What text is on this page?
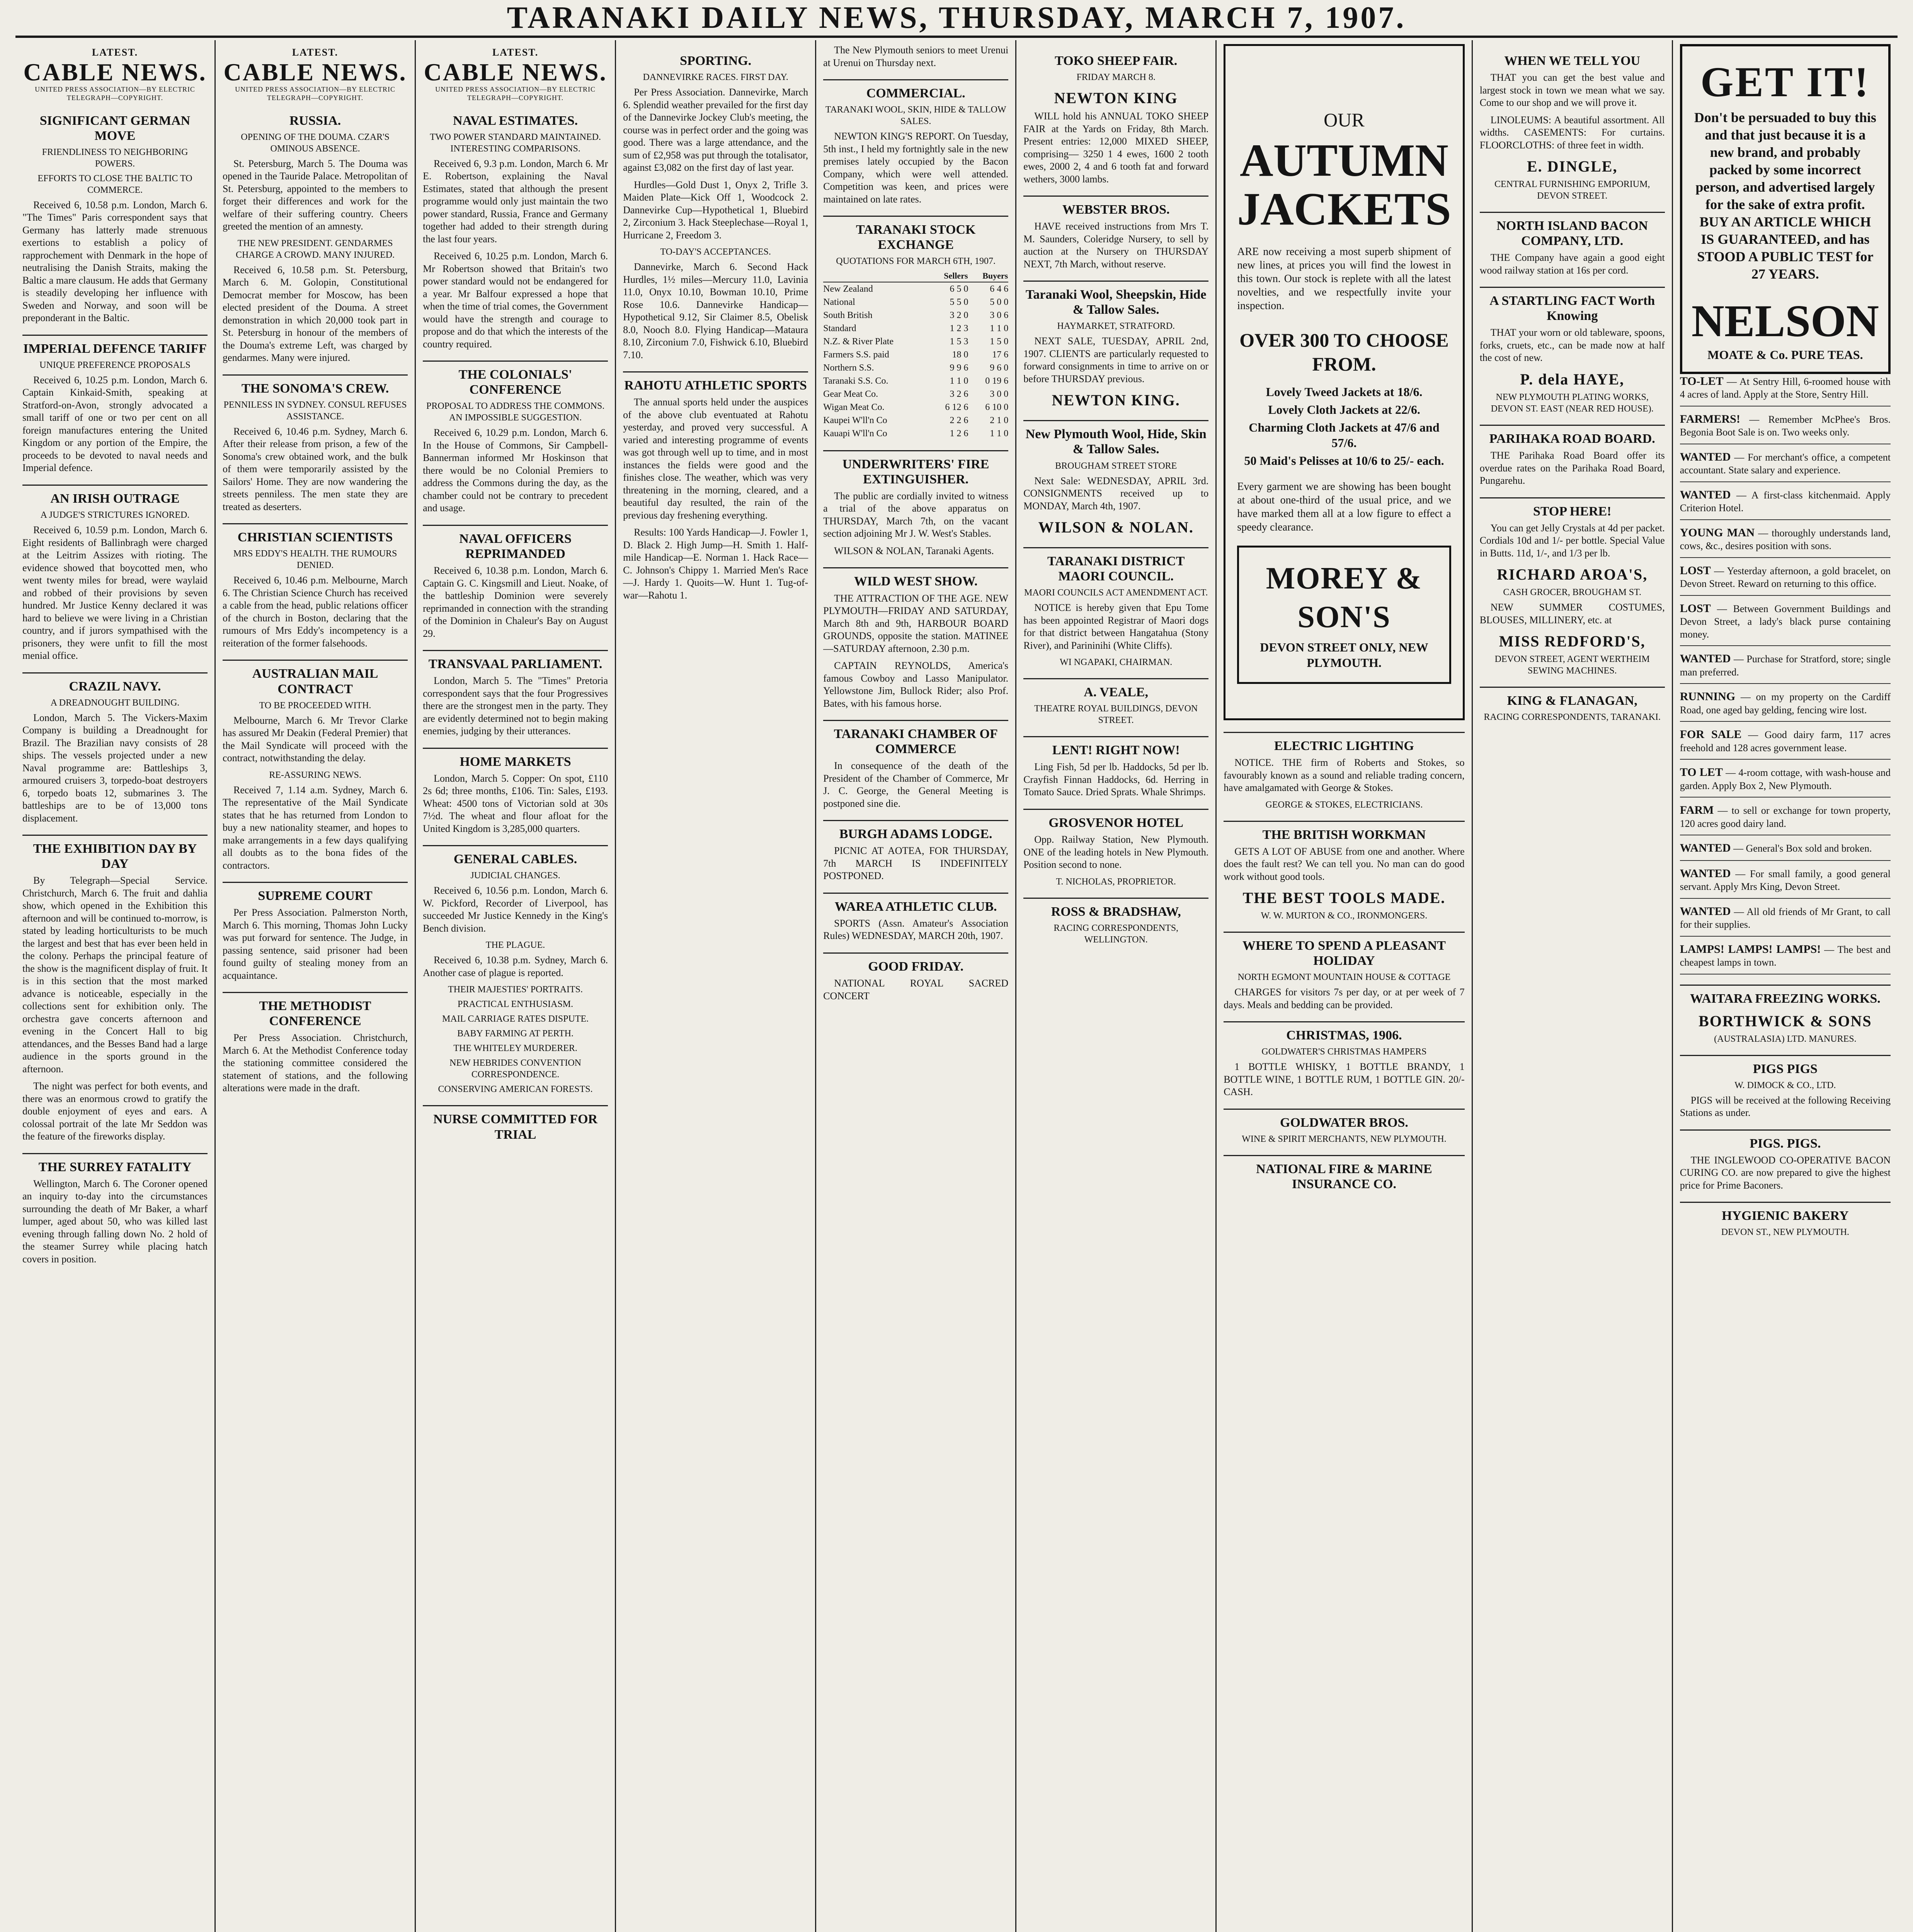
TARANAKI DAILY NEWS, THURSDAY, MARCH 7, 1907.
LATEST.
CABLE NEWS.
UNITED PRESS ASSOCIATION—BY ELECTRIC TELEGRAPH—COPYRIGHT.
SIGNIFICANT GERMAN MOVE
FRIENDLINESS TO NEIGHBORING POWERS.
EFFORTS TO CLOSE THE BALTIC TO COMMERCE.

Received 6, 10.58 p.m. London, March 6. "The Times" Paris correspondent says that Germany has latterly made strenuous exertions to establish a policy of rapprochement with Denmark in the hope of neutralising the Danish Straits, making the Baltic a mare clausum. He adds that Germany is steadily developing her influence with Sweden and Norway, and soon will be preponderant in the Baltic.

IMPERIAL DEFENCE TARIFF
UNIQUE PREFERENCE PROPOSALS

Received 6, 10.25 p.m. London, March 6. Captain Kinkaid-Smith, speaking at Stratford-on-Avon, strongly advocated a small tariff of one or two per cent on all foreign manufactures entering the United Kingdom or any portion of the Empire, the proceeds to be devoted to naval needs and Imperial defence.

AN IRISH OUTRAGE
A JUDGE'S STRICTURES IGNORED.

Received 6, 10.59 p.m. London, March 6. Eight residents of Ballinbragh were charged at the Leitrim Assizes with rioting. The evidence showed that boycotted men, who went twenty miles for bread, were waylaid and robbed of their provisions by seven hundred. Mr Justice Kenny declared it was hard to believe we were living in a Christian country, and if jurors sympathised with the prisoners, they were unfit to fill the most menial office.

CRAZIL NAVY.
A DREADNOUGHT BUILDING.

London, March 5. The Vickers-Maxim Company is building a Dreadnought for Brazil. The Brazilian navy consists of 28 ships. The vessels projected under a new Naval programme are: Battleships 3, armoured cruisers 3, torpedo-boat destroyers 6, torpedo boats 12, submarines 3. The battleships are to be of 13,000 tons displacement.

THE EXHIBITION DAY BY DAY

By Telegraph—Special Service. Christchurch, March 6. The fruit and dahlia show, which opened in the Exhibition this afternoon and will be continued to-morrow, is stated by leading horticulturists to be much the largest and best that has ever been held in the colony. Perhaps the principal feature of the show is the magnificent display of fruit. It is in this section that the most marked advance is noticeable, especially in the collections sent for exhibition only. The orchestra gave concerts afternoon and evening in the Concert Hall to big attendances, and the Besses Band had a large audience in the sports ground in the afternoon.

The night was perfect for both events, and there was an enormous crowd to gratify the double enjoyment of eyes and ears. A colossal portrait of the late Mr Seddon was the feature of the fireworks display.

THE SURREY FATALITY

Wellington, March 6. The Coroner opened an inquiry to-day into the circumstances surrounding the death of Mr Baker, a wharf lumper, aged about 50, who was killed last evening through falling down No. 2 hold of the steamer Surrey while placing hatch covers in position.

LATEST.
CABLE NEWS.
UNITED PRESS ASSOCIATION—BY ELECTRIC TELEGRAPH—COPYRIGHT.
RUSSIA.
OPENING OF THE DOUMA. CZAR'S OMINOUS ABSENCE.

St. Petersburg, March 5. The Douma was opened in the Tauride Palace. Metropolitan of St. Petersburg, appointed to the members to forget their differences and work for the welfare of their suffering country. Cheers greeted the mention of an amnesty.

THE NEW PRESIDENT. GENDARMES CHARGE A CROWD. MANY INJURED.

Received 6, 10.58 p.m. St. Petersburg, March 6. M. Golopin, Constitutional Democrat member for Moscow, has been elected president of the Douma. A street demonstration in which 20,000 took part in St. Petersburg in honour of the members of the Douma's extreme Left, was charged by gendarmes. Many were injured.

THE SONOMA'S CREW.
PENNILESS IN SYDNEY. CONSUL REFUSES ASSISTANCE.

Received 6, 10.46 p.m. Sydney, March 6. After their release from prison, a few of the Sonoma's crew obtained work, and the bulk of them were temporarily assisted by the Sailors' Home. They are now wandering the streets penniless. The men state they are treated as deserters.

CHRISTIAN SCIENTISTS
MRS EDDY'S HEALTH. THE RUMOURS DENIED.

Received 6, 10.46 p.m. Melbourne, March 6. The Christian Science Church has received a cable from the head, public relations officer of the church in Boston, declaring that the rumours of Mrs Eddy's incompetency is a reiteration of the former falsehoods.

AUSTRALIAN MAIL CONTRACT
TO BE PROCEEDED WITH.

Melbourne, March 6. Mr Trevor Clarke has assured Mr Deakin (Federal Premier) that the Mail Syndicate will proceed with the contract, notwithstanding the delay.

RE-ASSURING NEWS.

Received 7, 1.14 a.m. Sydney, March 6. The representative of the Mail Syndicate states that he has returned from London to buy a new nationality steamer, and hopes to make arrangements in a few days qualifying all doubts as to the bona fides of the contractors.

SUPREME COURT

Per Press Association. Palmerston North, March 6. This morning, Thomas John Lucky was put forward for sentence. The Judge, in passing sentence, said prisoner had been found guilty of stealing money from an acquaintance.

THE METHODIST CONFERENCE

Per Press Association. Christchurch, March 6. At the Methodist Conference today the stationing committee considered the statement of stations, and the following alterations were made in the draft.

LATEST.
CABLE NEWS.
UNITED PRESS ASSOCIATION—BY ELECTRIC TELEGRAPH—COPYRIGHT.
NAVAL ESTIMATES.
TWO POWER STANDARD MAINTAINED. INTERESTING COMPARISONS.

Received 6, 9.3 p.m. London, March 6. Mr E. Robertson, explaining the Naval Estimates, stated that although the present programme would only just maintain the two power standard, Russia, France and Germany together had added to their strength during the last four years.

Received 6, 10.25 p.m. London, March 6. Mr Robertson showed that Britain's two power standard would not be endangered for a year. Mr Balfour expressed a hope that when the time of trial comes, the Government would have the strength and courage to propose and do that which the interests of the country required.

THE COLONIALS' CONFERENCE
PROPOSAL TO ADDRESS THE COMMONS. AN IMPOSSIBLE SUGGESTION.

Received 6, 10.29 p.m. London, March 6. In the House of Commons, Sir Campbell-Bannerman informed Mr Hoskinson that there would be no Colonial Premiers to address the Commons during the day, as the chamber could not be contrary to precedent and usage.

NAVAL OFFICERS REPRIMANDED

Received 6, 10.38 p.m. London, March 6. Captain G. C. Kingsmill and Lieut. Noake, of the battleship Dominion were severely reprimanded in connection with the stranding of the Dominion in Chaleur's Bay on August 29.

TRANSVAAL PARLIAMENT.

London, March 5. The "Times" Pretoria correspondent says that the four Progressives there are the strongest men in the party. They are evidently determined not to begin making enemies, judging by their utterances.

HOME MARKETS

London, March 5. Copper: On spot, £110 2s 6d; three months, £106. Tin: Sales, £193. Wheat: 4500 tons of Victorian sold at 30s 7½d. The wheat and flour afloat for the United Kingdom is 3,285,000 quarters.

GENERAL CABLES.
JUDICIAL CHANGES.

Received 6, 10.56 p.m. London, March 6. W. Pickford, Recorder of Liverpool, has succeeded Mr Justice Kennedy in the King's Bench division.

THE PLAGUE.

Received 6, 10.38 p.m. Sydney, March 6. Another case of plague is reported.

THEIR MAJESTIES' PORTRAITS.
PRACTICAL ENTHUSIASM.
MAIL CARRIAGE RATES DISPUTE.
BABY FARMING AT PERTH.
THE WHITELEY MURDERER.
NEW HEBRIDES CONVENTION CORRESPONDENCE.
CONSERVING AMERICAN FORESTS.
NURSE COMMITTED FOR TRIAL
SPORTING.
DANNEVIRKE RACES. FIRST DAY.

Per Press Association. Dannevirke, March 6. Splendid weather prevailed for the first day of the Dannevirke Jockey Club's meeting, the course was in perfect order and the going was good. There was a large attendance, and the sum of £2,958 was put through the totalisator, against £3,082 on the first day of last year.

Hurdles—Gold Dust 1, Onyx 2, Trifle 3. Maiden Plate—Kick Off 1, Woodcock 2. Dannevirke Cup—Hypothetical 1, Bluebird 2, Zirconium 3. Hack Steeplechase—Royal 1, Hurricane 2, Freedom 3.

TO-DAY'S ACCEPTANCES.

Dannevirke, March 6. Second Hack Hurdles, 1½ miles—Mercury 11.0, Lavinia 11.0, Onyx 10.10, Bowman 10.10, Prime Rose 10.6. Dannevirke Handicap—Hypothetical 9.12, Sir Claimer 8.5, Obelisk 8.0, Nooch 8.0. Flying Handicap—Mataura 8.10, Zirconium 7.0, Fishwick 6.10, Bluebird 7.10.

RAHOTU ATHLETIC SPORTS

The annual sports held under the auspices of the above club eventuated at Rahotu yesterday, and proved very successful. A varied and interesting programme of events was got through well up to time, and in most instances the fields were good and the finishes close. The weather, which was very threatening in the morning, cleared, and a beautiful day resulted, the rain of the previous day freshening everything.

Results: 100 Yards Handicap—J. Fowler 1, D. Black 2. High Jump—H. Smith 1. Half-mile Handicap—E. Norman 1. Hack Race—C. Johnson's Chippy 1. Married Men's Race—J. Hardy 1. Quoits—W. Hunt 1. Tug-of-war—Rahotu 1.

The New Plymouth seniors to meet Urenui at Urenui on Thursday next.

COMMERCIAL.
TARANAKI WOOL, SKIN, HIDE & TALLOW SALES.

NEWTON KING'S REPORT. On Tuesday, 5th inst., I held my fortnightly sale in the new premises lately occupied by the Bacon Company, which were well attended. Competition was keen, and prices were maintained on late rates.

TARANAKI STOCK EXCHANGE
QUOTATIONS FOR MARCH 6TH, 1907.
	Sellers	Buyers
New Zealand	6 5 0	6 4 6
National	5 5 0	5 0 0
South British	3 2 0	3 0 6
Standard	1 2 3	1 1 0
N.Z. & River Plate	1 5 3	1 5 0
Farmers S.S. paid	18 0	17 6
Northern S.S.	9 9 6	9 6 0
Taranaki S.S. Co.	1 1 0	0 19 6
Gear Meat Co.	3 2 6	3 0 0
Wigan Meat Co.	6 12 6	6 10 0
Kaupei W'll'n Co	2 2 6	2 1 0
Kauapi W'll'n Co	1 2 6	1 1 0
UNDERWRITERS' FIRE EXTINGUISHER.

The public are cordially invited to witness a trial of the above apparatus on THURSDAY, March 7th, on the vacant section adjoining Mr J. W. West's Stables.

WILSON & NOLAN, Taranaki Agents.

WILD WEST SHOW.

THE ATTRACTION OF THE AGE. NEW PLYMOUTH—FRIDAY AND SATURDAY, March 8th and 9th, HARBOUR BOARD GROUNDS, opposite the station. MATINEE—SATURDAY afternoon, 2.30 p.m.

CAPTAIN REYNOLDS, America's famous Cowboy and Lasso Manipulator. Yellowstone Jim, Bullock Rider; also Prof. Bates, with his famous horse.

TARANAKI CHAMBER OF COMMERCE

In consequence of the death of the President of the Chamber of Commerce, Mr J. C. George, the General Meeting is postponed sine die.

BURGH ADAMS LODGE.

PICNIC AT AOTEA, FOR THURSDAY, 7th MARCH IS INDEFINITELY POSTPONED.

WAREA ATHLETIC CLUB.

SPORTS (Assn. Amateur's Association Rules) WEDNESDAY, MARCH 20th, 1907.

GOOD FRIDAY.

NATIONAL ROYAL SACRED CONCERT

TOKO SHEEP FAIR.
FRIDAY MARCH 8.
NEWTON KING

WILL hold his ANNUAL TOKO SHEEP FAIR at the Yards on Friday, 8th March. Present entries: 12,000 MIXED SHEEP, comprising— 3250 1 4 ewes, 1600 2 tooth ewes, 2000 2, 4 and 6 tooth fat and forward wethers, 3000 lambs.

WEBSTER BROS.

HAVE received instructions from Mrs T. M. Saunders, Coleridge Nursery, to sell by auction at the Nursery on THURSDAY NEXT, 7th March, without reserve.

Taranaki Wool, Sheepskin, Hide & Tallow Sales.
HAYMARKET, STRATFORD.

NEXT SALE, TUESDAY, APRIL 2nd, 1907. CLIENTS are particularly requested to forward consignments in time to arrive on or before THURSDAY previous.

NEWTON KING.
New Plymouth Wool, Hide, Skin & Tallow Sales.
BROUGHAM STREET STORE

Next Sale: WEDNESDAY, APRIL 3rd. CONSIGNMENTS received up to MONDAY, March 4th, 1907.

WILSON & NOLAN.
TARANAKI DISTRICT MAORI COUNCIL.
MAORI COUNCILS ACT AMENDMENT ACT.

NOTICE is hereby given that Epu Tome has been appointed Registrar of Maori dogs for that district between Hangatahua (Stony River), and Parininihi (White Cliffs).

WI NGAPAKI, CHAIRMAN.
A. VEALE,
THEATRE ROYAL BUILDINGS, DEVON STREET.
LENT! RIGHT NOW!

Ling Fish, 5d per lb. Haddocks, 5d per lb. Crayfish Finnan Haddocks, 6d. Herring in Tomato Sauce. Dried Sprats. Whale Shrimps.

GROSVENOR HOTEL

Opp. Railway Station, New Plymouth. ONE of the leading hotels in New Plymouth. Position second to none.

T. NICHOLAS, PROPRIETOR.
ROSS & BRADSHAW,
RACING CORRESPONDENTS, WELLINGTON.
OUR
AUTUMN JACKETS
ARE now receiving a most superb shipment of new lines, at prices you will find the lowest in this town. Our stock is replete with all the latest novelties, and we respectfully invite your inspection.
OVER 300 TO CHOOSE FROM.
Lovely Tweed Jackets at 18/6.
Lovely Cloth Jackets at 22/6.
Charming Cloth Jackets at 47/6 and 57/6.
50 Maid's Pelisses at 10/6 to 25/- each.
Every garment we are showing has been bought at about one-third of the usual price, and we have marked them all at a low figure to effect a speedy clearance.
MOREY & SON'S
DEVON STREET ONLY, NEW PLYMOUTH.
ELECTRIC LIGHTING

NOTICE. THE firm of Roberts and Stokes, so favourably known as a sound and reliable trading concern, have amalgamated with George & Stokes.

GEORGE & STOKES, ELECTRICIANS.
THE BRITISH WORKMAN

GETS A LOT OF ABUSE from one and another. Where does the fault rest? We can tell you. No man can do good work without good tools.

THE BEST TOOLS MADE.
W. W. MURTON & CO., IRONMONGERS.
WHERE TO SPEND A PLEASANT HOLIDAY
NORTH EGMONT MOUNTAIN HOUSE & COTTAGE

CHARGES for visitors 7s per day, or at per week of 7 days. Meals and bedding can be provided.

CHRISTMAS, 1906.
GOLDWATER'S CHRISTMAS HAMPERS

1 BOTTLE WHISKY, 1 BOTTLE BRANDY, 1 BOTTLE WINE, 1 BOTTLE RUM, 1 BOTTLE GIN. 20/- CASH.

GOLDWATER BROS.
WINE & SPIRIT MERCHANTS, NEW PLYMOUTH.
NATIONAL FIRE & MARINE INSURANCE CO.
WHEN WE TELL YOU

THAT you can get the best value and largest stock in town we mean what we say. Come to our shop and we will prove it.

LINOLEUMS: A beautiful assortment. All widths. CASEMENTS: For curtains. FLOORCLOTHS: of three feet in width.

E. DINGLE,
CENTRAL FURNISHING EMPORIUM, DEVON STREET.
NORTH ISLAND BACON COMPANY, LTD.

THE Company have again a good eight wood railway station at 16s per cord.

A STARTLING FACT Worth Knowing

THAT your worn or old tableware, spoons, forks, cruets, etc., can be made now at half the cost of new.

P. dela HAYE,
NEW PLYMOUTH PLATING WORKS, DEVON ST. EAST (NEAR RED HOUSE).
PARIHAKA ROAD BOARD.

THE Parihaka Road Board offer its overdue rates on the Parihaka Road Board, Pungarehu.

STOP HERE!

You can get Jelly Crystals at 4d per packet. Cordials 10d and 1/- per bottle. Special Value in Butts. 11d, 1/-, and 1/3 per lb.

RICHARD AROA'S,
CASH GROCER, BROUGHAM ST.

NEW SUMMER COSTUMES, BLOUSES, MILLINERY, etc. at

MISS REDFORD'S,
DEVON STREET, AGENT WERTHEIM SEWING MACHINES.
KING & FLANAGAN,
RACING CORRESPONDENTS, TARANAKI.
GET IT!
Don't be persuaded to buy this and that just because it is a new brand, and probably packed by some incorrect person, and advertised largely for the sake of extra profit.
BUY AN ARTICLE WHICH IS GUARANTEED, and has STOOD A PUBLIC TEST for 27 YEARS.
NELSON
MOATE & Co. PURE TEAS.

TO-LET — At Sentry Hill, 6-roomed house with 4 acres of land. Apply at the Store, Sentry Hill.

FARMERS! — Remember McPhee's Bros. Begonia Boot Sale is on. Two weeks only.

WANTED — For merchant's office, a competent accountant. State salary and experience.

WANTED — A first-class kitchenmaid. Apply Criterion Hotel.

YOUNG MAN — thoroughly understands land, cows, &c., desires position with sons.

LOST — Yesterday afternoon, a gold bracelet, on Devon Street. Reward on returning to this office.

LOST — Between Government Buildings and Devon Street, a lady's black purse containing money.

WANTED — Purchase for Stratford, store; single man preferred.

RUNNING — on my property on the Cardiff Road, one aged bay gelding, fencing wire lost.

FOR SALE — Good dairy farm, 117 acres freehold and 128 acres government lease.

TO LET — 4-room cottage, with wash-house and garden. Apply Box 2, New Plymouth.

FARM — to sell or exchange for town property, 120 acres good dairy land.

WANTED — General's Box sold and broken.

WANTED — For small family, a good general servant. Apply Mrs King, Devon Street.

WANTED — All old friends of Mr Grant, to call for their supplies.

LAMPS! LAMPS! LAMPS! — The best and cheapest lamps in town.

WAITARA FREEZING WORKS.
BORTHWICK & SONS
(AUSTRALASIA) LTD. MANURES.
PIGS PIGS
W. DIMOCK & CO., LTD.

PIGS will be received at the following Receiving Stations as under.

PIGS. PIGS.

THE INGLEWOOD CO-OPERATIVE BACON CURING CO. are now prepared to give the highest price for Prime Baconers.

HYGIENIC BAKERY
DEVON ST., NEW PLYMOUTH.
